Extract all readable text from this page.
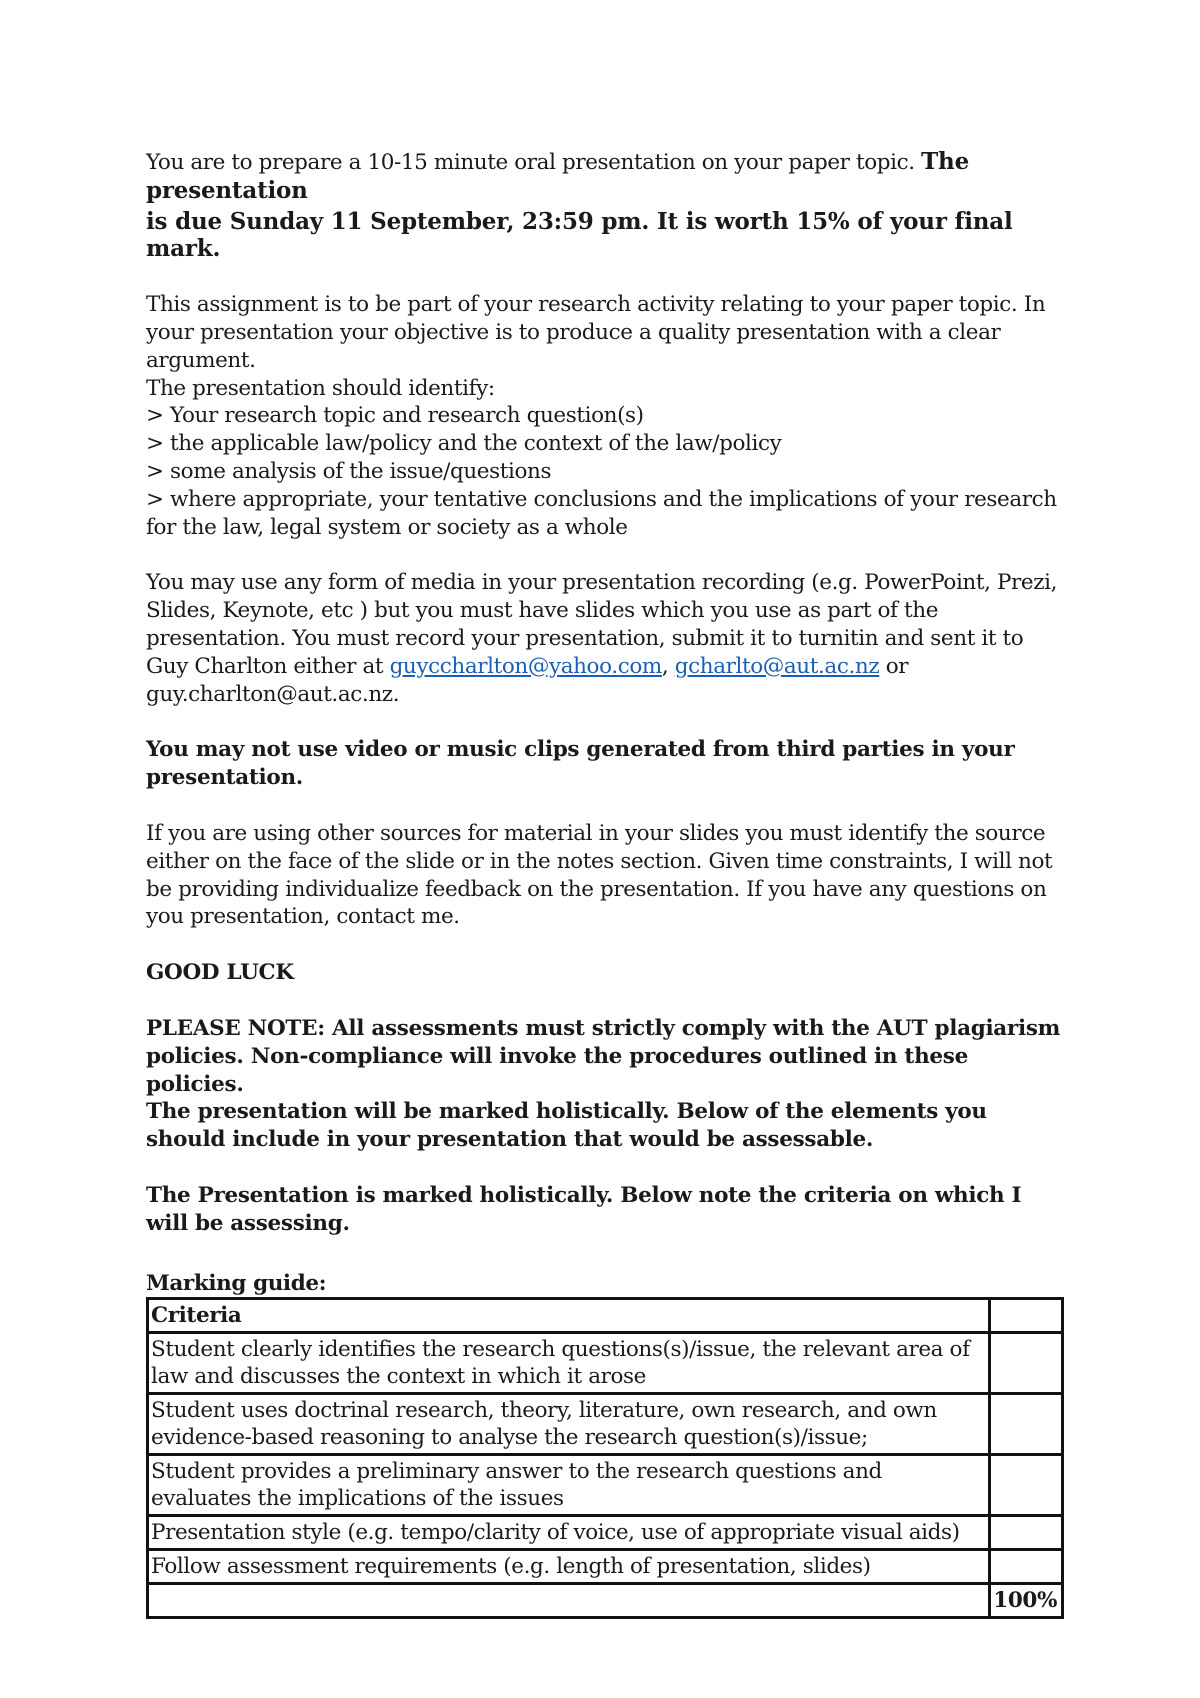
You are to prepare a 10-15 minute oral presentation on your paper topic. The presentation
is due Sunday 11 September, 23:59 pm. It is worth 15% of your final mark.

This assignment is to be part of your research activity relating to your paper topic. In your presentation your objective is to produce a quality presentation with a clear argument.

The presentation should identify:

> Your research topic and research question(s)

> the applicable law/policy and the context of the law/policy

> some analysis of the issue/questions

> where appropriate, your tentative conclusions and the implications of your research for the law, legal system or society as a whole

You may use any form of media in your presentation recording (e.g. PowerPoint, Prezi, Slides, Keynote, etc ) but you must have slides which you use as part of the presentation. You must record your presentation, submit it to turnitin and sent it to Guy Charlton either at guyccharlton@yahoo.com, gcharlto@aut.ac.nz or guy.charlton@aut.ac.nz.

You may not use video or music clips generated from third parties in your presentation.

If you are using other sources for material in your slides you must identify the source either on the face of the slide or in the notes section. Given time constraints, I will not be providing individualize feedback on the presentation. If you have any questions on you presentation, contact me.

GOOD LUCK

PLEASE NOTE: All assessments must strictly comply with the AUT plagiarism policies. Non-compliance will invoke the procedures outlined in these policies.

The presentation will be marked holistically. Below of the elements you should include in your presentation that would be assessable.

The Presentation is marked holistically. Below note the criteria on which I will be assessing.

Marking guide:

Criteria	
Student clearly identifies the research questions(s)/issue, the relevant area of law and discusses the context in which it arose	
Student uses doctrinal research, theory, literature, own research, and own evidence-based reasoning to analyse the research question(s)/issue;	
Student provides a preliminary answer to the research questions and evaluates the implications of the issues	
Presentation style (e.g. tempo/clarity of voice, use of appropriate visual aids)	
Follow assessment requirements (e.g. length of presentation, slides)	
	100%
